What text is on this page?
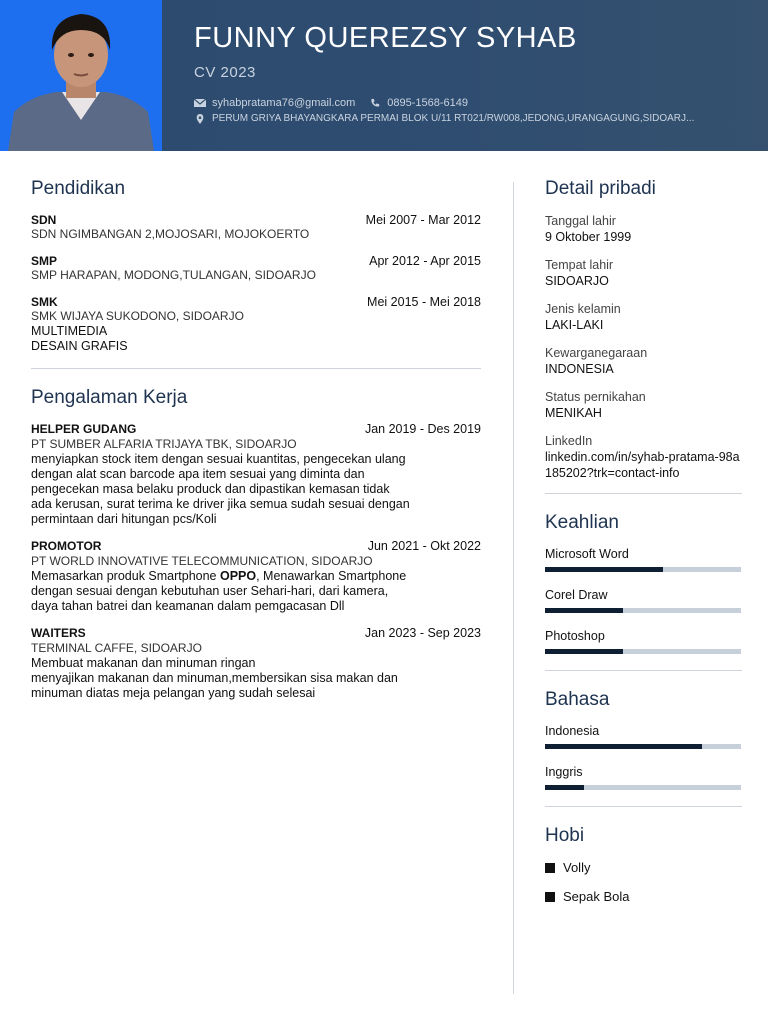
FUNNY QUEREZSY SYHAB
CV 2023
syhabpratama76@gmail.com	0895-1568-6149
PERUM GRIYA BHAYANGKARA PERMAI BLOK U/11 RT021/RW008,JEDONG,URANGAGUNG,SIDOARJ...
Pendidikan
SDN	Mei 2007 - Mar 2012
SDN NGIMBANGAN 2,MOJOSARI, MOJOKOERTO
SMP	Apr 2012 - Apr 2015
SMP HARAPAN, MODONG,TULANGAN, SIDOARJO
SMK	Mei 2015 - Mei 2018
SMK WIJAYA SUKODONO, SIDOARJO
MULTIMEDIA
DESAIN GRAFIS
Pengalaman Kerja
HELPER GUDANG	Jan 2019 - Des 2019
PT SUMBER ALFARIA TRIJAYA TBK, SIDOARJO
menyiapkan stock item dengan sesuai kuantitas, pengecekan ulang
dengan alat scan barcode apa item sesuai yang diminta dan
pengecekan masa belaku produck dan dipastikan kemasan tidak
ada kerusan, surat terima ke driver jika semua sudah sesuai dengan
permintaan dari hitungan pcs/Koli
PROMOTOR	Jun 2021 - Okt 2022
PT WORLD INNOVATIVE TELECOMMUNICATION, SIDOARJO
Memasarkan produk Smartphone OPPO, Menawarkan Smartphone
dengan sesuai dengan kebutuhan user Sehari-hari, dari kamera,
daya tahan batrei dan keamanan dalam pemgacasan Dll
WAITERS	Jan 2023 - Sep 2023
TERMINAL CAFFE, SIDOARJO
Membuat makanan dan minuman ringan
menyajikan makanan dan minuman,membersikan sisa makan dan
minuman diatas meja pelangan yang sudah selesai
Detail pribadi
Tanggal lahir
9 Oktober 1999
Tempat lahir
SIDOARJO
Jenis kelamin
LAKI-LAKI
Kewarganegaraan
INDONESIA
Status pernikahan
MENIKAH
LinkedIn
linkedin.com/in/syhab-pratama-98a185202?trk=contact-info
Keahlian
Microsoft Word
Corel Draw
Photoshop
Bahasa
Indonesia
Inggris
Hobi
Volly
Sepak Bola
